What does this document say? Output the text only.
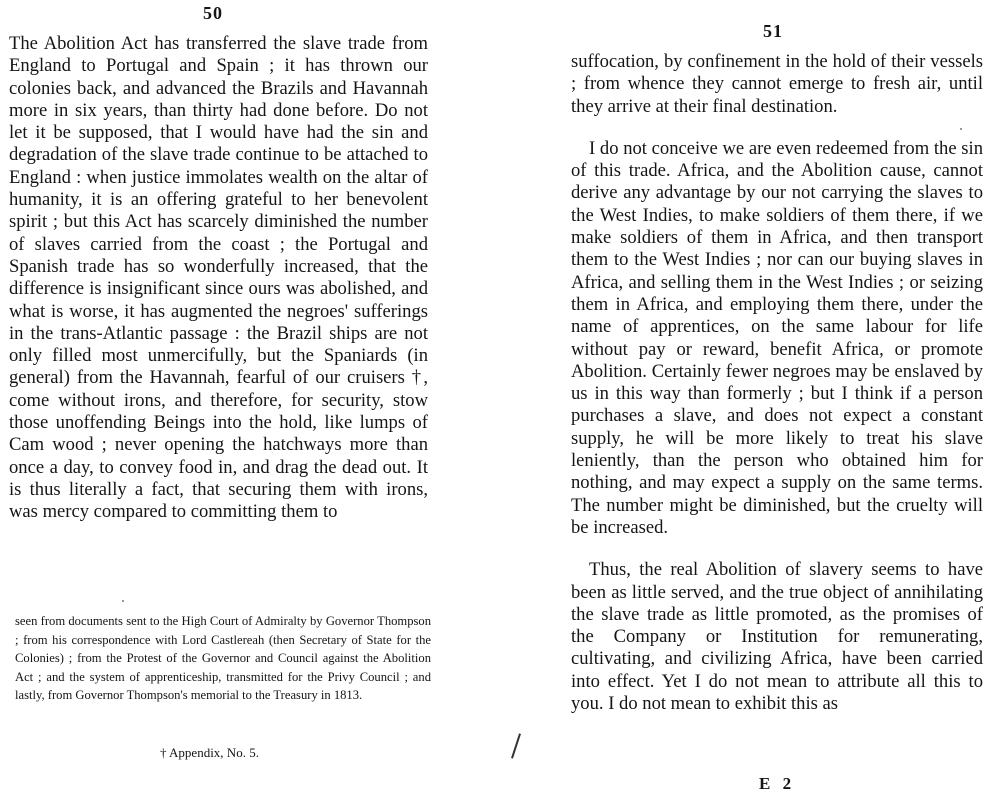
50

The Abolition Act has transferred the slave trade from England to Portugal and Spain ; it has thrown our colonies back, and advanced the Brazils and Havannah more in six years, than thirty had done before. Do not let it be supposed, that I would have had the sin and degradation of the slave trade continue to be attached to England : when justice immolates wealth on the altar of humanity, it is an offering grateful to her benevolent spirit ; but this Act has scarcely diminished the number of slaves carried from the coast ; the Portugal and Spanish trade has so wonderfully increased, that the difference is insignificant since ours was abolished, and what is worse, it has augmented the negroes' sufferings in the trans-Atlantic passage : the Brazil ships are not only filled most unmercifully, but the Spaniards (in general) from the Havannah, fearful of our cruisers †, come without irons, and therefore, for security, stow those unoffending Beings into the hold, like lumps of Cam wood ; never opening the hatchways more than once a day, to convey food in, and drag the dead out. It is thus literally a fact, that securing them with irons, was mercy compared to committing them to

seen from documents sent to the High Court of Admiralty by Governor Thompson ; from his correspondence with Lord Castlereah (then Secretary of State for the Colonies) ; from the Protest of the Governor and Council against the Abolition Act ; and the system of apprenticeship, transmitted for the Privy Council ; and lastly, from Governor Thompson's memorial to the Treasury in 1813.
† Appendix, No. 5.
51

suffocation, by confinement in the hold of their vessels ; from whence they cannot emerge to fresh air, until they arrive at their final destination.

I do not conceive we are even redeemed from the sin of this trade. Africa, and the Abolition cause, cannot derive any advantage by our not carrying the slaves to the West Indies, to make soldiers of them there, if we make soldiers of them in Africa, and then transport them to the West Indies ; nor can our buying slaves in Africa, and selling them in the West Indies ; or seizing them in Africa, and employing them there, under the name of apprentices, on the same labour for life without pay or reward, benefit Africa, or promote Abolition. Certainly fewer negroes may be enslaved by us in this way than formerly ; but I think if a person purchases a slave, and does not expect a constant supply, he will be more likely to treat his slave leniently, than the person who obtained him for nothing, and may expect a supply on the same terms. The number might be diminished, but the cruelty will be increased.

Thus, the real Abolition of slavery seems to have been as little served, and the true object of annihilating the slave trade as little promoted, as the promises of the Company or Institution for remunerating, cultivating, and civilizing Africa, have been carried into effect. Yet I do not mean to attribute all this to you. I do not mean to exhibit this as

E 2
